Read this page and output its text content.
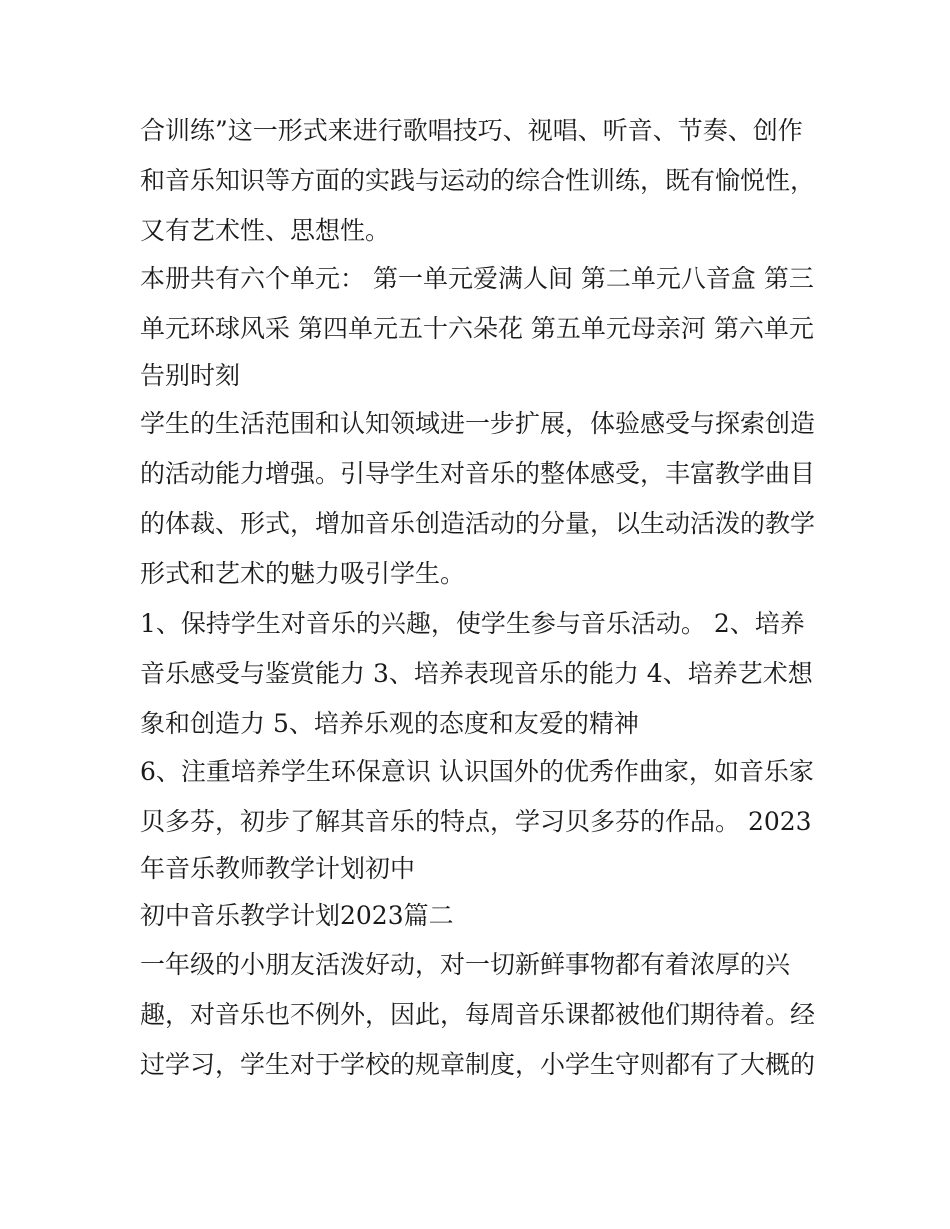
合训练”这一形式来进行歌唱技巧、视唱、听音、节奏、创作
和音乐知识等方面的实践与运动的综合性训练，既有愉悦性，
又有艺术性、思想性。
本册共有六个单元： 第一单元爱满人间 第二单元八音盒 第三
单元环球风采 第四单元五十六朵花 第五单元母亲河 第六单元
告别时刻
学生的生活范围和认知领域进一步扩展，体验感受与探索创造
的活动能力增强。引导学生对音乐的整体感受，丰富教学曲目
的体裁、形式，增加音乐创造活动的分量，以生动活泼的教学
形式和艺术的魅力吸引学生。
1、保持学生对音乐的兴趣，使学生参与音乐活动。 2、培养
音乐感受与鉴赏能力 3、培养表现音乐的能力 4、培养艺术想
象和创造力 5、培养乐观的态度和友爱的精神
6、注重培养学生环保意识 认识国外的优秀作曲家，如音乐家
贝多芬，初步了解其音乐的特点，学习贝多芬的作品。 2023
年音乐教师教学计划初中
初中音乐教学计划2023篇二
一年级的小朋友活泼好动，对一切新鲜事物都有着浓厚的兴
趣，对音乐也不例外，因此，每周音乐课都被他们期待着。经
过学习，学生对于学校的规章制度，小学生守则都有了大概的
